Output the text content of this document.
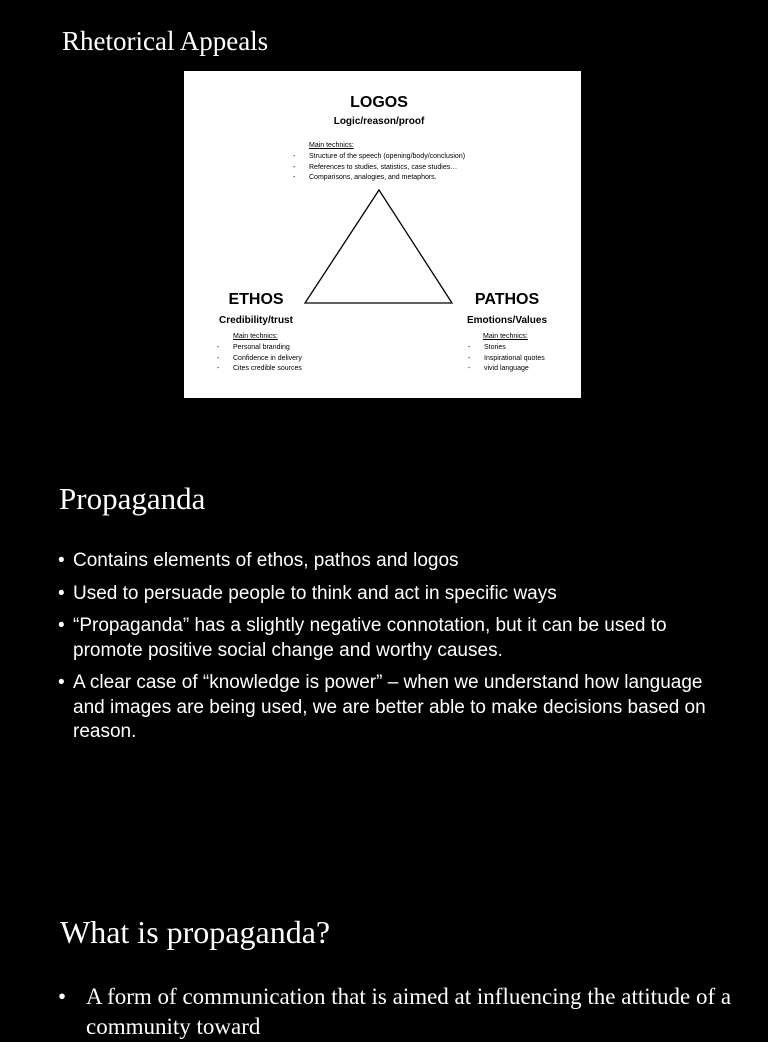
Rhetorical Appeals
LOGOS
Logic/reason/proof
Main technics:
- Structure of the speech (opening/body/conclusion)
- References to studies, statistics, case studies…
- Comparisons, analogies, and metaphors.
ETHOS
Credibility/trust
Main technics:
- Personal branding
- Confidence in delivery
- Cites credible sources
PATHOS
Emotions/Values
Main technics:
- Stories
- Inspirational quotes
- vivid language
Propaganda
• Contains elements of ethos, pathos and logos
• Used to persuade people to think and act in specific ways
• “Propaganda” has a slightly negative connotation, but it can be used to promote positive social change and worthy causes.
• A clear case of “knowledge is power” – when we understand how language and images are being used, we are better able to make decisions based on reason.
What is propaganda?
• A form of communication that is aimed at influencing the attitude of a community toward
